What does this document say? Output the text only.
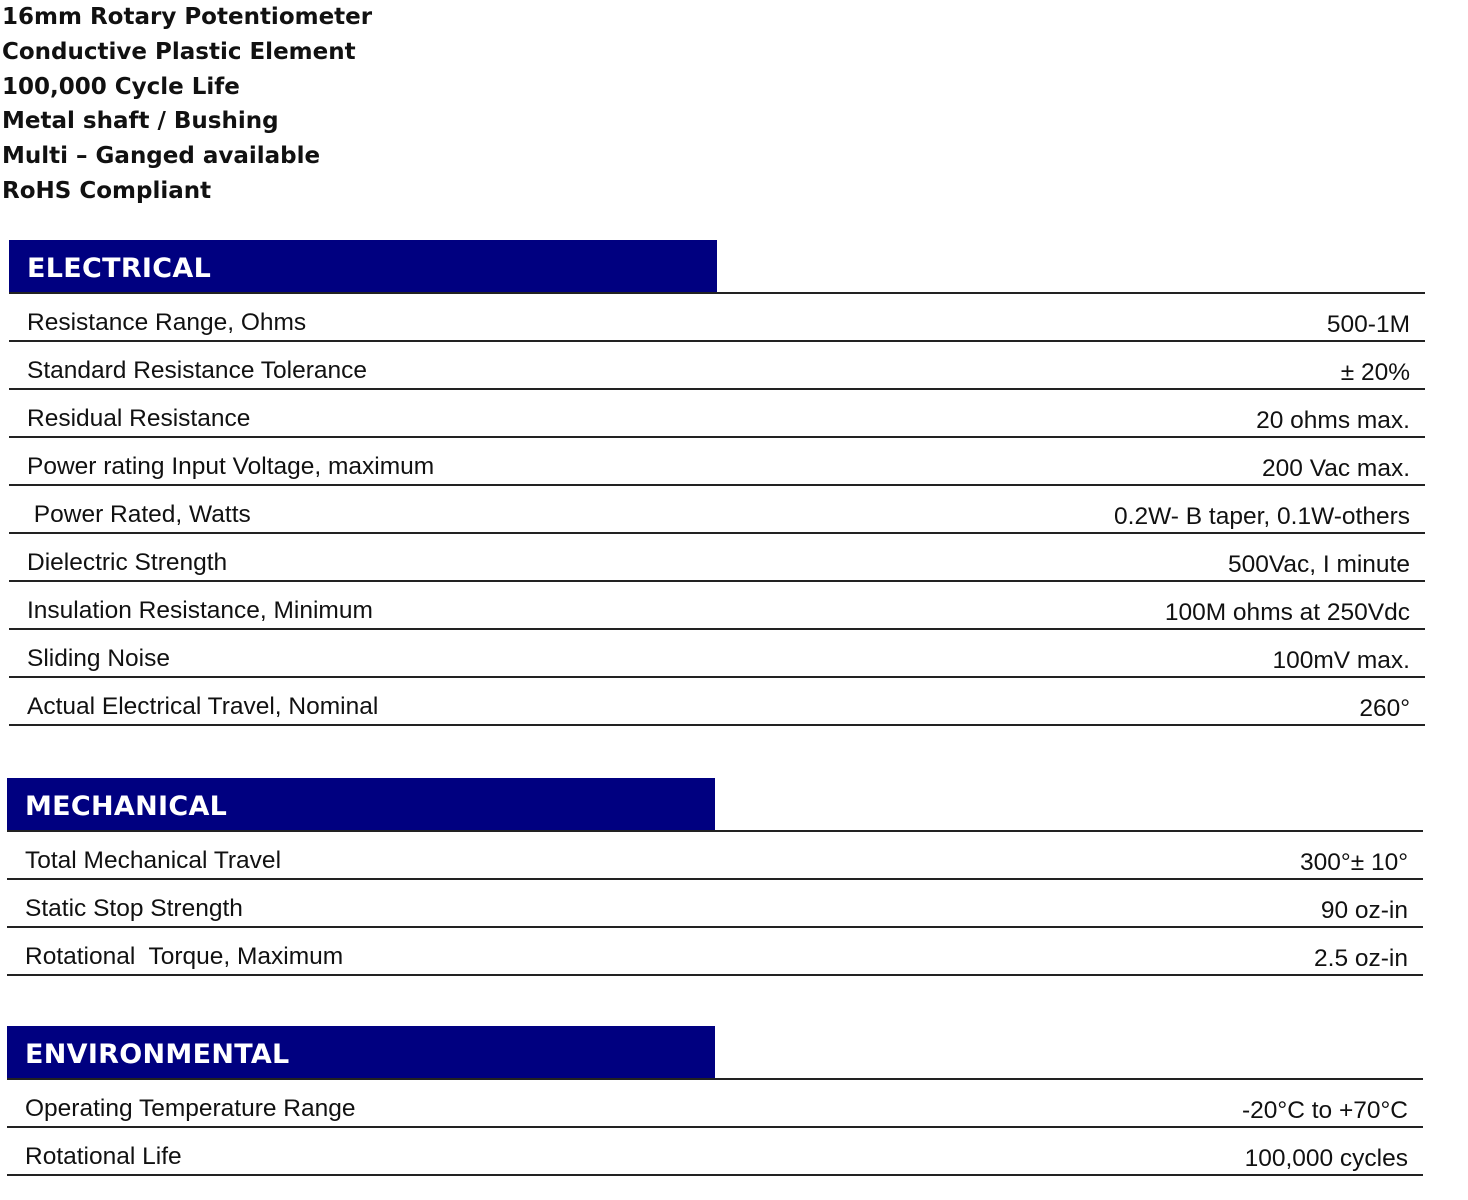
16mm Rotary Potentiometer
Conductive Plastic Element
100,000 Cycle Life
Metal shaft / Bushing
Multi – Ganged available
RoHS Compliant
ELECTRICAL
Resistance Range, Ohms	500-1M
Standard Resistance Tolerance	± 20%
Residual Resistance	20 ohms max.
Power rating Input Voltage, maximum	200 Vac max.
Power Rated, Watts	0.2W- B taper, 0.1W-others
Dielectric Strength	500Vac, I minute
Insulation Resistance, Minimum	100M ohms at 250Vdc
Sliding Noise	100mV max.
Actual Electrical Travel, Nominal	260°
MECHANICAL
Total Mechanical Travel	300°± 10°
Static Stop Strength	90 oz-in
Rotational  Torque, Maximum	2.5 oz-in
ENVIRONMENTAL
Operating Temperature Range	-20°C to +70°C
Rotational Life	100,000 cycles
